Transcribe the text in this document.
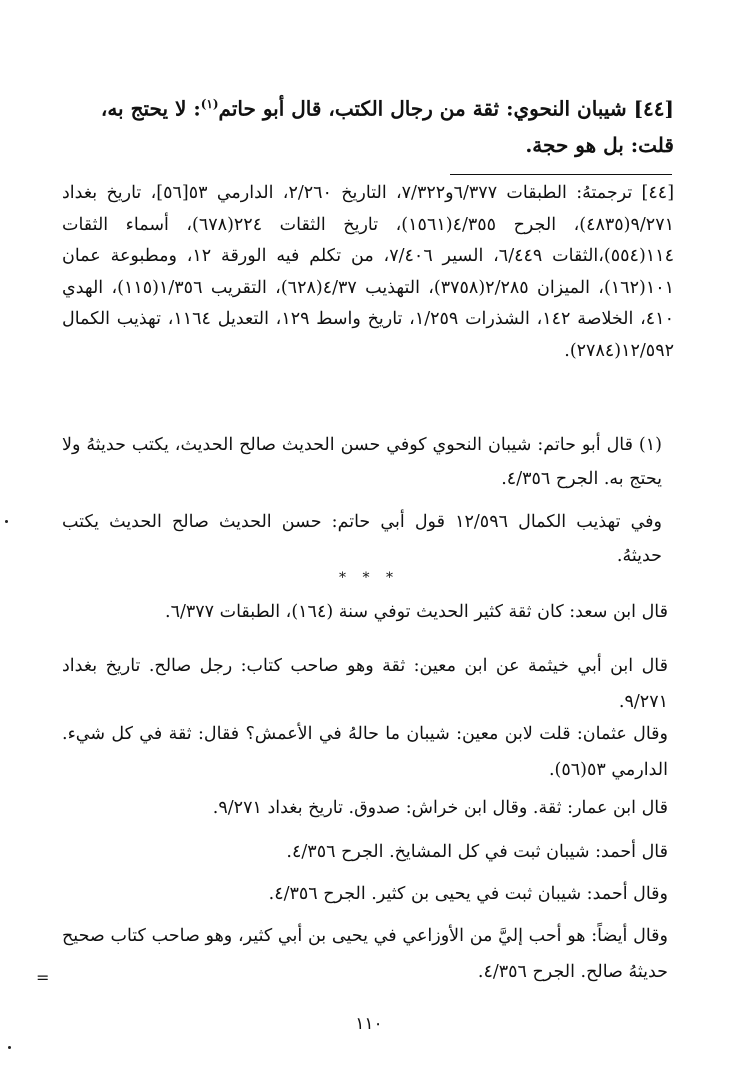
[٤٤] شيبان النحوي: ثقة من رجال الكتب، قال أبو حاتم$^{(١)}$: لا يحتج به،
قلت: بل هو حجة.
[٤٤] ترجمتهُ: الطبقات ٦/٣٧٧و٧/٣٢٢، التاريخ ٢/٢٦٠، الدارمي ٥٣[٥٦]، تاريخ بغداد ٩/٢٧١(٤٨٣٥)، الجرح ٤/٣٥٥(١٥٦١)، تاريخ الثقات ٢٢٤(٦٧٨)، أسماء الثقات ١١٤(٥٥٤)،الثقات ٦/٤٤٩، السير ٧/٤٠٦، من تكلم فيه الورقة ١٢، ومطبوعة عمان ١٠١(١٦٢)، الميزان ٢/٢٨٥(٣٧٥٨)، التهذيب ٤/٣٧(٦٢٨)، التقريب ١/٣٥٦(١١٥)، الهدي ٤١٠، الخلاصة ١٤٢، الشذرات ١/٢٥٩، تاريخ واسط ١٢٩، التعديل ١١٦٤، تهذيب الكمال ١٢/٥٩٢(٢٧٨٤).
(١) قال أبو حاتم: شيبان النحوي كوفي حسن الحديث صالح الحديث، يكتب حديثهُ ولا يحتج به. الجرح ٤/٣٥٦.
وفي تهذيب الكمال ١٢/٥٩٦ قول أبي حاتم: حسن الحديث صالح الحديث يكتب حديثهُ.
* * *
قال ابن سعد: كان ثقة كثير الحديث توفي سنة (١٦٤)، الطبقات ٦/٣٧٧.
قال ابن أبي خيثمة عن ابن معين: ثقة وهو صاحب كتاب: رجل صالح. تاريخ بغداد ٩/٢٧١.
وقال عثمان: قلت لابن معين: شيبان ما حالهُ في الأعمش؟ فقال: ثقة في كل شيء. الدارمي ٥٣(٥٦).
قال ابن عمار: ثقة. وقال ابن خراش: صدوق. تاريخ بغداد ٩/٢٧١.
قال أحمد: شيبان ثبت في كل المشايخ. الجرح ٤/٣٥٦.
وقال أحمد: شيبان ثبت في يحيى بن كثير. الجرح ٤/٣٥٦.
وقال أيضاً: هو أحب إليَّ من الأوزاعي في يحيى بن أبي كثير، وهو صاحب كتاب صحيح حديثهُ صالح. الجرح ٤/٣٥٦.
١١٠
=
